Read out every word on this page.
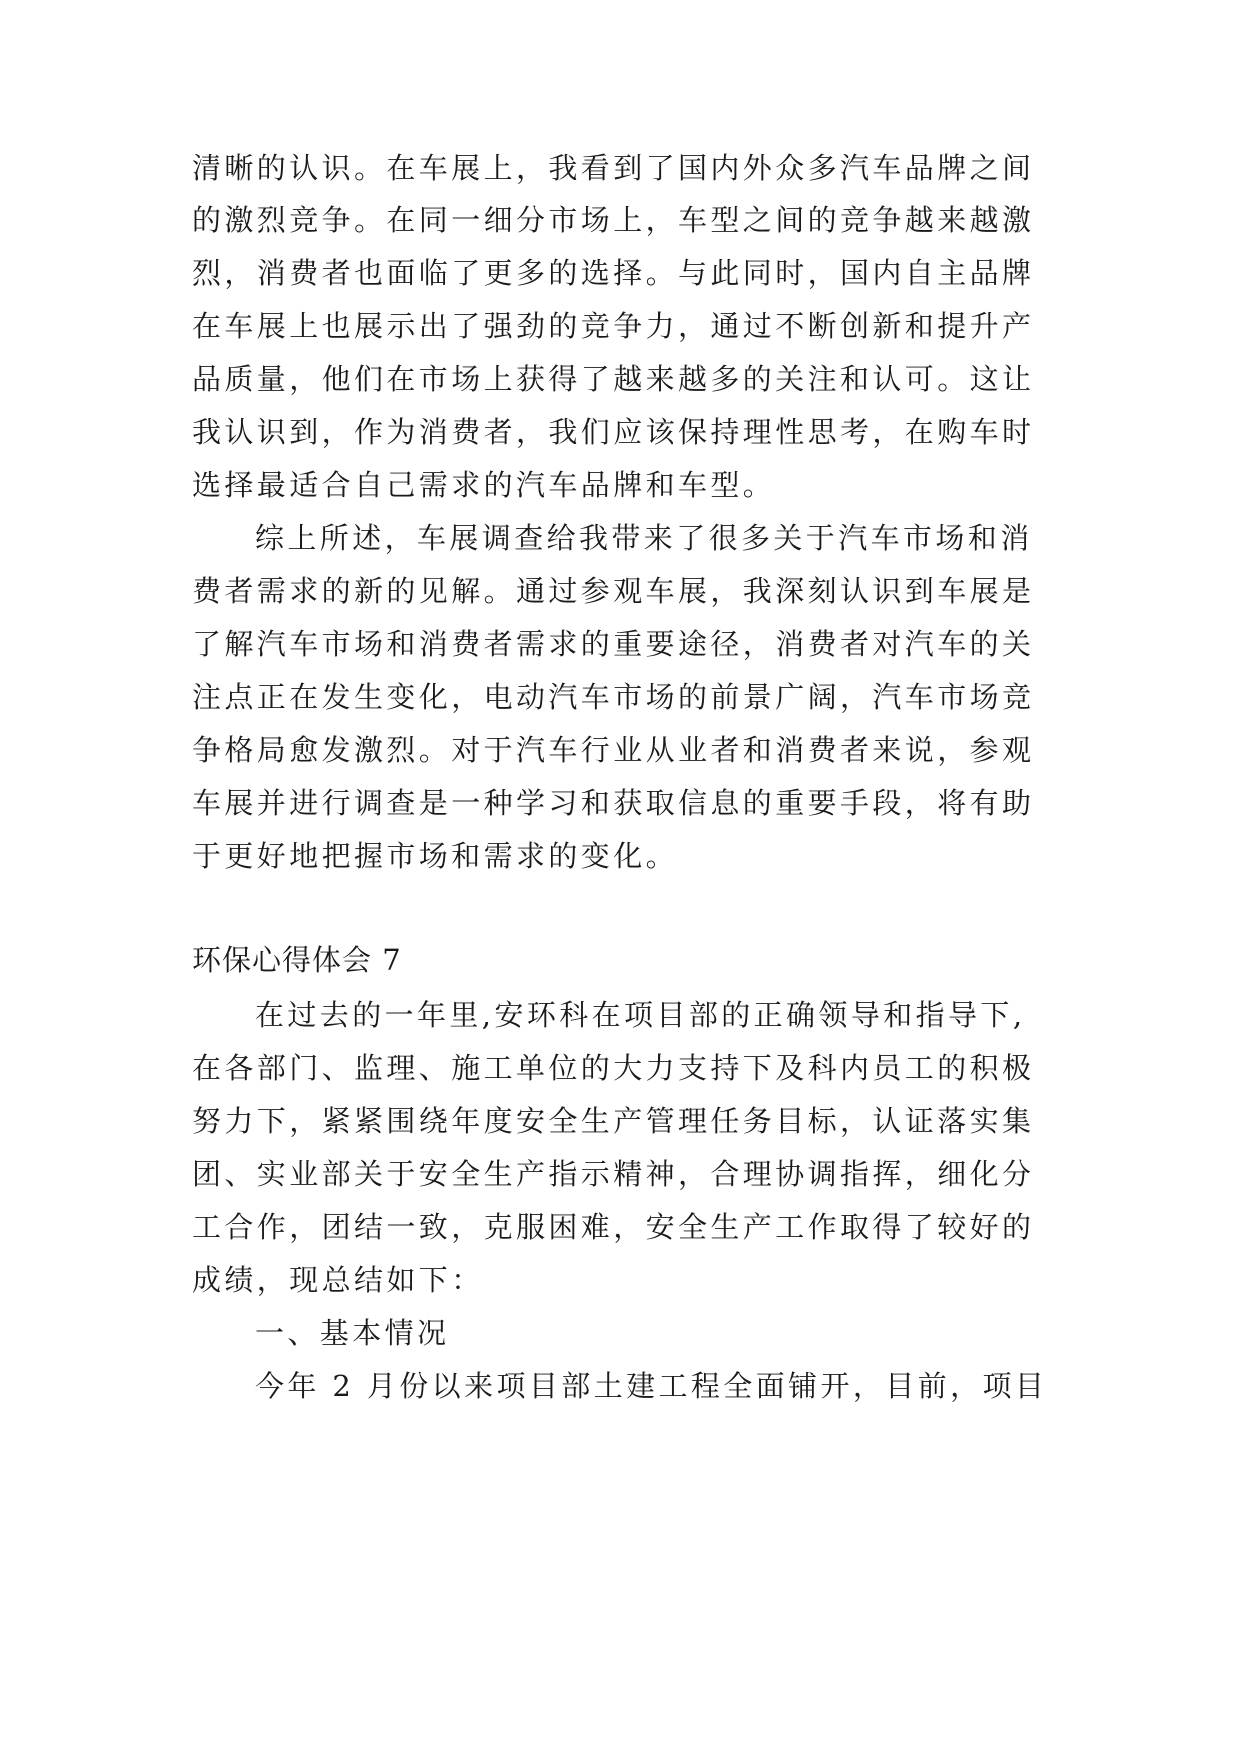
清晰的认识。在车展上，我看到了国内外众多汽车品牌之间
的激烈竞争。在同一细分市场上，车型之间的竞争越来越激
烈，消费者也面临了更多的选择。与此同时，国内自主品牌
在车展上也展示出了强劲的竞争力，通过不断创新和提升产
品质量，他们在市场上获得了越来越多的关注和认可。这让
我认识到，作为消费者，我们应该保持理性思考，在购车时
选择最适合自己需求的汽车品牌和车型。
综上所述，车展调查给我带来了很多关于汽车市场和消
费者需求的新的见解。通过参观车展，我深刻认识到车展是
了解汽车市场和消费者需求的重要途径，消费者对汽车的关
注点正在发生变化，电动汽车市场的前景广阔，汽车市场竞
争格局愈发激烈。对于汽车行业从业者和消费者来说，参观
车展并进行调查是一种学习和获取信息的重要手段，将有助
于更好地把握市场和需求的变化。
环保心得体会 7
在过去的一年里,安环科在项目部的正确领导和指导下,
在各部门、监理、施工单位的大力支持下及科内员工的积极
努力下，紧紧围绕年度安全生产管理任务目标，认证落实集
团、实业部关于安全生产指示精神，合理协调指挥，细化分
工合作，团结一致，克服困难，安全生产工作取得了较好的
成绩，现总结如下：
一、基本情况
今年 2 月份以来项目部土建工程全面铺开，目前，项目
